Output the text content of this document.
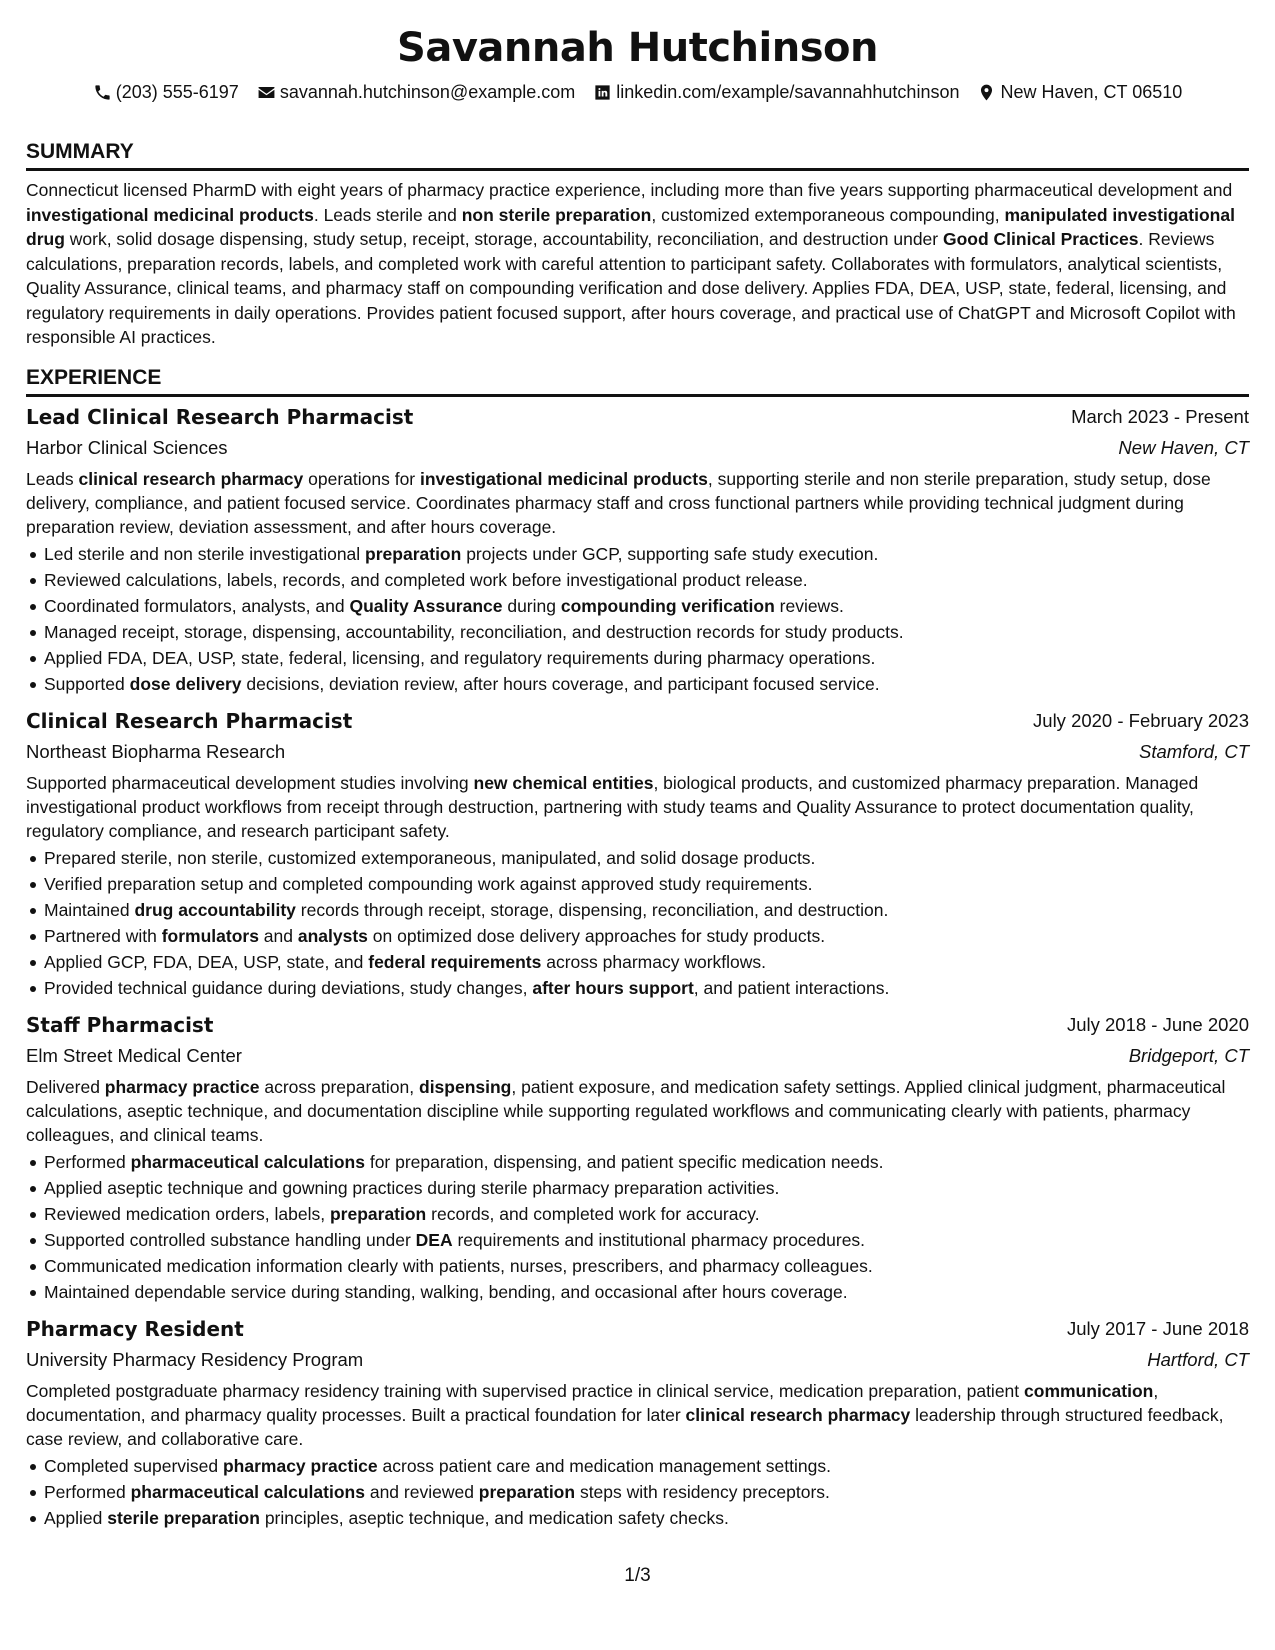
Savannah Hutchinson
(203) 555-6197 savannah.hutchinson@example.com linkedin.com/example/savannahhutchinson New Haven, CT 06510
SUMMARY

Connecticut licensed PharmD with eight years of pharmacy practice experience, including more than five years supporting pharmaceutical development and investigational medicinal products. Leads sterile and non sterile preparation, customized extemporaneous compounding, manipulated investigational drug work, solid dosage dispensing, study setup, receipt, storage, accountability, reconciliation, and destruction under Good Clinical Practices. Reviews calculations, preparation records, labels, and completed work with careful attention to participant safety. Collaborates with formulators, analytical scientists, Quality Assurance, clinical teams, and pharmacy staff on compounding verification and dose delivery. Applies FDA, DEA, USP, state, federal, licensing, and regulatory requirements in daily operations. Provides patient focused support, after hours coverage, and practical use of ChatGPT and Microsoft Copilot with responsible AI practices.

EXPERIENCE
Lead Clinical Research Pharmacist	March 2023 - Present
Harbor Clinical Sciences	New Haven, CT

Leads clinical research pharmacy operations for investigational medicinal products, supporting sterile and non sterile preparation, study setup, dose delivery, compliance, and patient focused service. Coordinates pharmacy staff and cross functional partners while providing technical judgment during preparation review, deviation assessment, and after hours coverage.

Led sterile and non sterile investigational preparation projects under GCP, supporting safe study execution.
Reviewed calculations, labels, records, and completed work before investigational product release.
Coordinated formulators, analysts, and Quality Assurance during compounding verification reviews.
Managed receipt, storage, dispensing, accountability, reconciliation, and destruction records for study products.
Applied FDA, DEA, USP, state, federal, licensing, and regulatory requirements during pharmacy operations.
Supported dose delivery decisions, deviation review, after hours coverage, and participant focused service.
Clinical Research Pharmacist	July 2020 - February 2023
Northeast Biopharma Research	Stamford, CT

Supported pharmaceutical development studies involving new chemical entities, biological products, and customized pharmacy preparation. Managed investigational product workflows from receipt through destruction, partnering with study teams and Quality Assurance to protect documentation quality, regulatory compliance, and research participant safety.

Prepared sterile, non sterile, customized extemporaneous, manipulated, and solid dosage products.
Verified preparation setup and completed compounding work against approved study requirements.
Maintained drug accountability records through receipt, storage, dispensing, reconciliation, and destruction.
Partnered with formulators and analysts on optimized dose delivery approaches for study products.
Applied GCP, FDA, DEA, USP, state, and federal requirements across pharmacy workflows.
Provided technical guidance during deviations, study changes, after hours support, and patient interactions.
Staff Pharmacist	July 2018 - June 2020
Elm Street Medical Center	Bridgeport, CT

Delivered pharmacy practice across preparation, dispensing, patient exposure, and medication safety settings. Applied clinical judgment, pharmaceutical calculations, aseptic technique, and documentation discipline while supporting regulated workflows and communicating clearly with patients, pharmacy colleagues, and clinical teams.

Performed pharmaceutical calculations for preparation, dispensing, and patient specific medication needs.
Applied aseptic technique and gowning practices during sterile pharmacy preparation activities.
Reviewed medication orders, labels, preparation records, and completed work for accuracy.
Supported controlled substance handling under DEA requirements and institutional pharmacy procedures.
Communicated medication information clearly with patients, nurses, prescribers, and pharmacy colleagues.
Maintained dependable service during standing, walking, bending, and occasional after hours coverage.
Pharmacy Resident	July 2017 - June 2018
University Pharmacy Residency Program	Hartford, CT

Completed postgraduate pharmacy residency training with supervised practice in clinical service, medication preparation, patient communication, documentation, and pharmacy quality processes. Built a practical foundation for later clinical research pharmacy leadership through structured feedback, case review, and collaborative care.

Completed supervised pharmacy practice across patient care and medication management settings.
Performed pharmaceutical calculations and reviewed preparation steps with residency preceptors.
Applied sterile preparation principles, aseptic technique, and medication safety checks.
1/3
